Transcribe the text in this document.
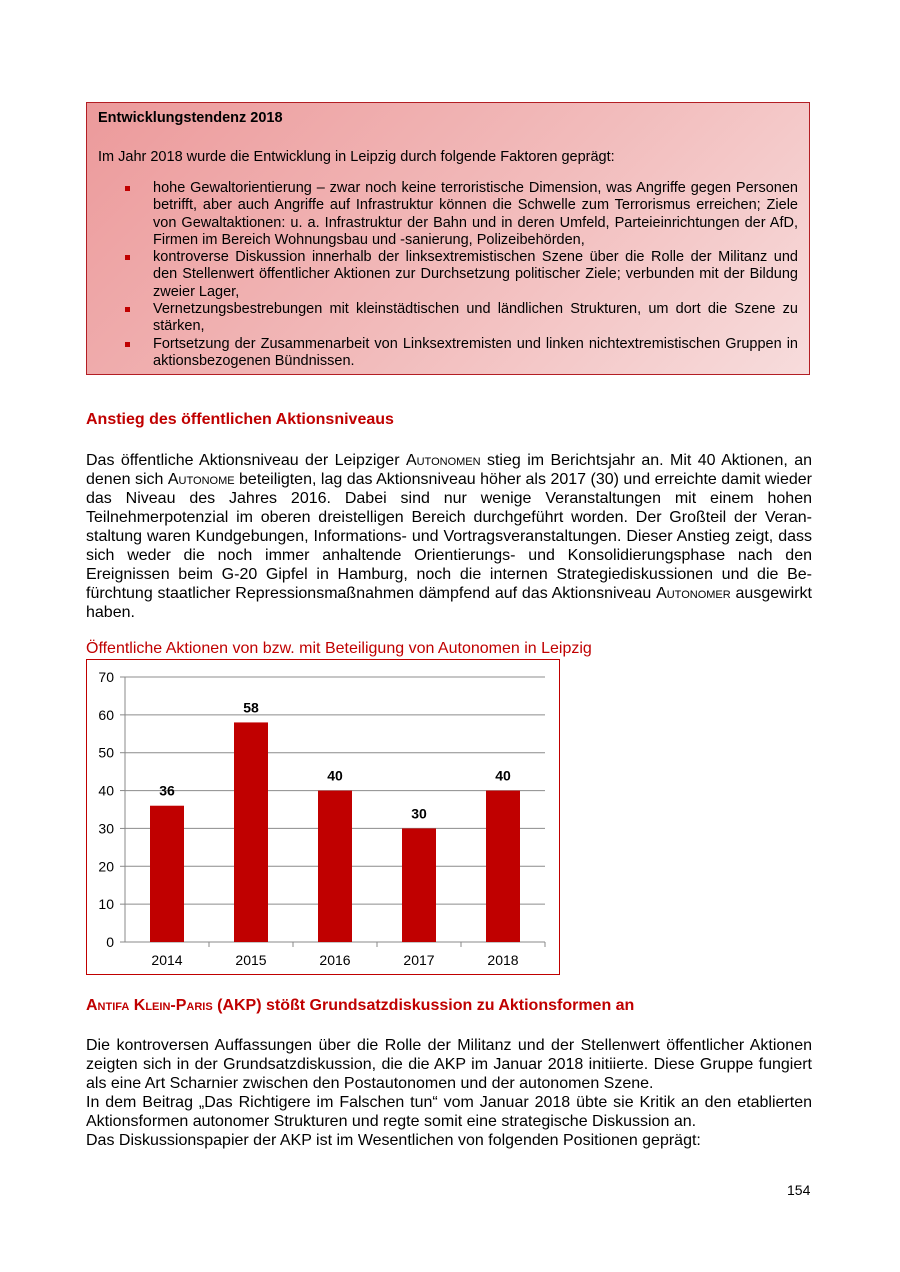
Entwicklungstendenz 2018
Im Jahr 2018 wurde die Entwicklung in Leipzig durch folgende Faktoren geprägt:
hohe Gewaltorientierung – zwar noch keine terroristische Dimension, was Angriffe gegen Personen betrifft, aber auch Angriffe auf Infrastruktur können die Schwelle zum Terrorismus erreichen; Ziele von Gewaltaktionen: u. a. Infrastruktur der Bahn und in deren Umfeld, Parteieinrichtungen der AfD, Firmen im Bereich Wohnungsbau und -sanierung, Polizeibehörden,
kontroverse Diskussion innerhalb der linksextremistischen Szene über die Rolle der Militanz und den Stellenwert öffentlicher Aktionen zur Durchsetzung politischer Ziele; verbunden mit der Bildung zweier Lager,
Vernetzungsbestrebungen mit kleinstädtischen und ländlichen Strukturen, um dort die Szene zu stärken,
Fortsetzung der Zusammenarbeit von Linksextremisten und linken nichtextremistischen Gruppen in aktionsbezogenen Bündnissen.
Anstieg des öffentlichen Aktionsniveaus

Das öffentliche Aktionsniveau der Leipziger Autonomen stieg im Berichtsjahr an. Mit 40 Aktionen, an denen sich Autonome beteiligten, lag das Aktionsniveau höher als 2017 (30) und erreichte damit wieder das Niveau des Jahres 2016. Dabei sind nur wenige Veranstaltungen mit einem hohen Teilnehmerpotenzial im oberen dreistelligen Bereich durchgeführt worden. Der Großteil der Veranstaltung waren Kundgebungen, Informations- und Vortragsveranstaltungen. Dieser Anstieg zeigt, dass sich weder die noch immer anhaltende Orientierungs- und Konsolidierungsphase nach den Ereignissen beim G-20 Gipfel in Hamburg, noch die internen Strategiediskussionen und die Befürchtung staatlicher Repressionsmaßnahmen dämpfend auf das Aktionsniveau Autonomer ausgewirkt haben.

Öffentliche Aktionen von bzw. mit Beteiligung von Autonomen in Leipzig
0
10
20
30
40
50
60
70
36
2014
58
2015
40
2016
30
2017
40
2018
Antifa Klein-Paris (AKP) stößt Grundsatzdiskussion zu Aktionsformen an

Die kontroversen Auffassungen über die Rolle der Militanz und der Stellenwert öffentlicher Aktionen zeigten sich in der Grundsatzdiskussion, die die AKP im Januar 2018 initiierte. Diese Gruppe fungiert als eine Art Scharnier zwischen den Postautonomen und der autonomen Szene.
In dem Beitrag „Das Richtigere im Falschen tun“ vom Januar 2018 übte sie Kritik an den etablierten Aktionsformen autonomer Strukturen und regte somit eine strategische Diskussion an.
Das Diskussionspapier der AKP ist im Wesentlichen von folgenden Positionen geprägt:

154
